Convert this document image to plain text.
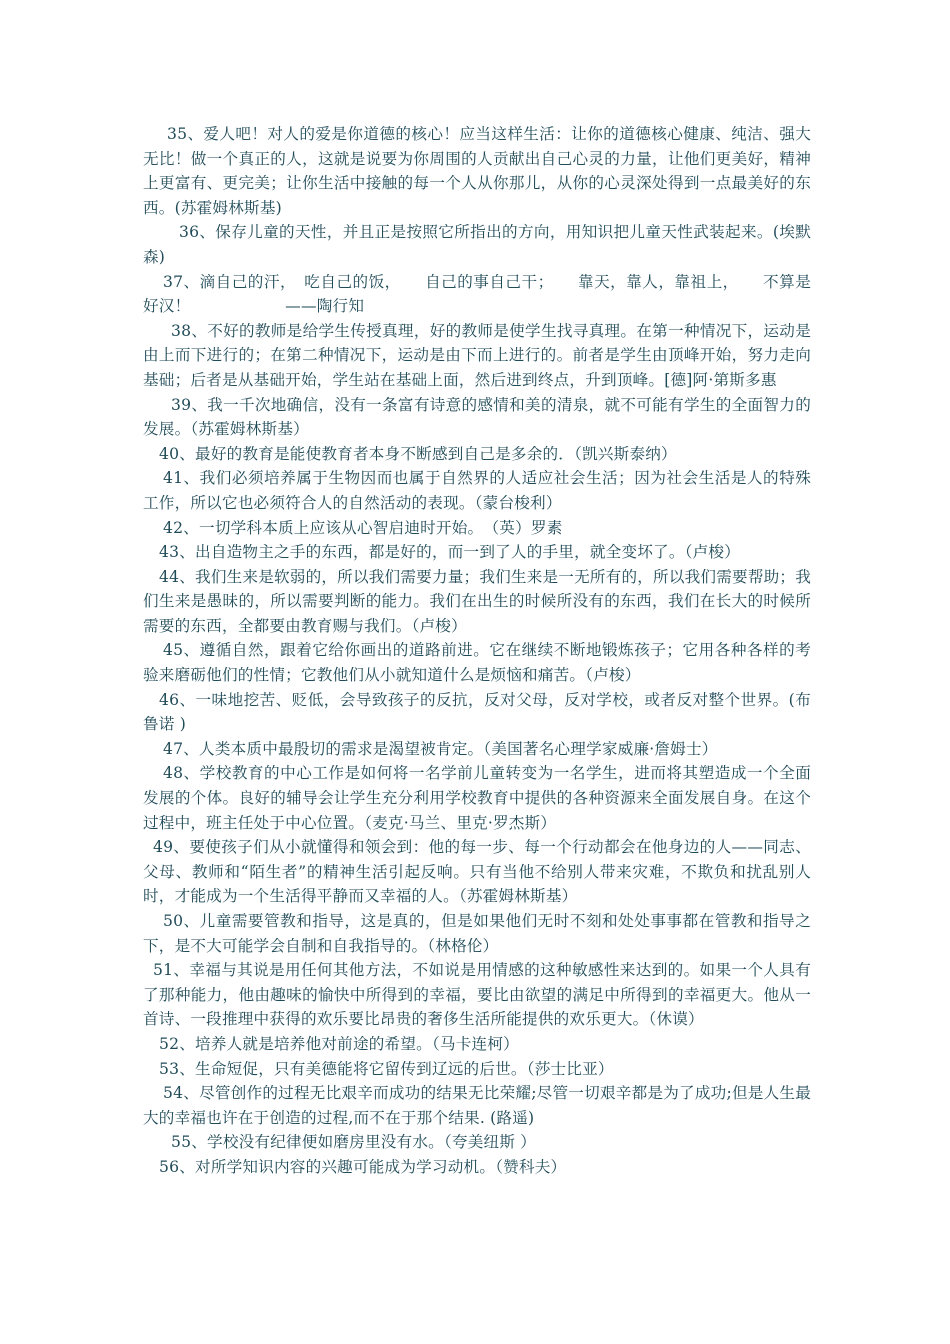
35、爱人吧！对人的爱是你道德的核心！应当这样生活：让你的道德核心健康、纯洁、强大无比！做一个真正的人，这就是说要为你周围的人贡献出自己心灵的力量，让他们更美好，精神上更富有、更完美；让你生活中接触的每一个人从你那儿，从你的心灵深处得到一点最美好的东西。(苏霍姆林斯基)

36、保存儿童的天性，并且正是按照它所指出的方向，用知识把儿童天性武装起来。(埃默森)

37、滴自己的汗，　吃自己的饭，　　自己的事自己干；　　靠天，靠人，靠祖上，　　不算是好汉！　　　　　　——陶行知

38、不好的教师是给学生传授真理，好的教师是使学生找寻真理。在第一种情况下，运动是由上而下进行的；在第二种情况下，运动是由下而上进行的。前者是学生由顶峰开始，努力走向基础；后者是从基础开始，学生站在基础上面，然后进到终点，升到顶峰。[德]阿·第斯多惠

39、我一千次地确信，没有一条富有诗意的感情和美的清泉，就不可能有学生的全面智力的发展。（苏霍姆林斯基）

40、最好的教育是能使教育者本身不断感到自己是多余的．（凯兴斯泰纳）

41、我们必须培养属于生物因而也属于自然界的人适应社会生活；因为社会生活是人的特殊工作，所以它也必须符合人的自然活动的表现。（蒙台梭利）

42、一切学科本质上应该从心智启迪时开始。　（英）罗素

43、出自造物主之手的东西，都是好的，而一到了人的手里，就全变坏了。（卢梭）

44、我们生来是软弱的，所以我们需要力量；我们生来是一无所有的，所以我们需要帮助；我们生来是愚昧的，所以需要判断的能力。我们在出生的时候所没有的东西，我们在长大的时候所需要的东西，全都要由教育赐与我们。（卢梭）

45、遵循自然，跟着它给你画出的道路前进。它在继续不断地锻炼孩子；它用各种各样的考验来磨砺他们的性情；它教他们从小就知道什么是烦恼和痛苦。（卢梭）

46、一味地挖苦、贬低，会导致孩子的反抗，反对父母，反对学校，或者反对整个世界。(布鲁诺 )

47、人类本质中最殷切的需求是渴望被肯定。（美国著名心理学家威廉·詹姆士）

48、学校教育的中心工作是如何将一名学前儿童转变为一名学生，进而将其塑造成一个全面发展的个体。良好的辅导会让学生充分利用学校教育中提供的各种资源来全面发展自身。在这个过程中，班主任处于中心位置。（麦克·马兰、里克·罗杰斯）

49、要使孩子们从小就懂得和领会到：他的每一步、每一个行动都会在他身边的人——同志、父母、教师和“陌生者”的精神生活引起反响。只有当他不给别人带来灾难，不欺负和扰乱别人时，才能成为一个生活得平静而又幸福的人。（苏霍姆林斯基）

50、儿童需要管教和指导，这是真的，但是如果他们无时不刻和处处事事都在管教和指导之下，是不大可能学会自制和自我指导的。（林格伦）

51、幸福与其说是用任何其他方法，不如说是用情感的这种敏感性来达到的。如果一个人具有了那种能力，他由趣味的愉快中所得到的幸福，要比由欲望的满足中所得到的幸福更大。他从一首诗、一段推理中获得的欢乐要比昂贵的奢侈生活所能提供的欢乐更大。（休谟）

52、培养人就是培养他对前途的希望。（马卡连柯）

53、生命短促，只有美德能将它留传到辽远的后世。（莎士比亚）

54、尽管创作的过程无比艰辛而成功的结果无比荣耀;尽管一切艰辛都是为了成功;但是人生最大的幸福也许在于创造的过程,而不在于那个结果. (路遥)

55、学校没有纪律便如磨房里没有水。（夸美纽斯 ）

56、对所学知识内容的兴趣可能成为学习动机。（赞科夫）
